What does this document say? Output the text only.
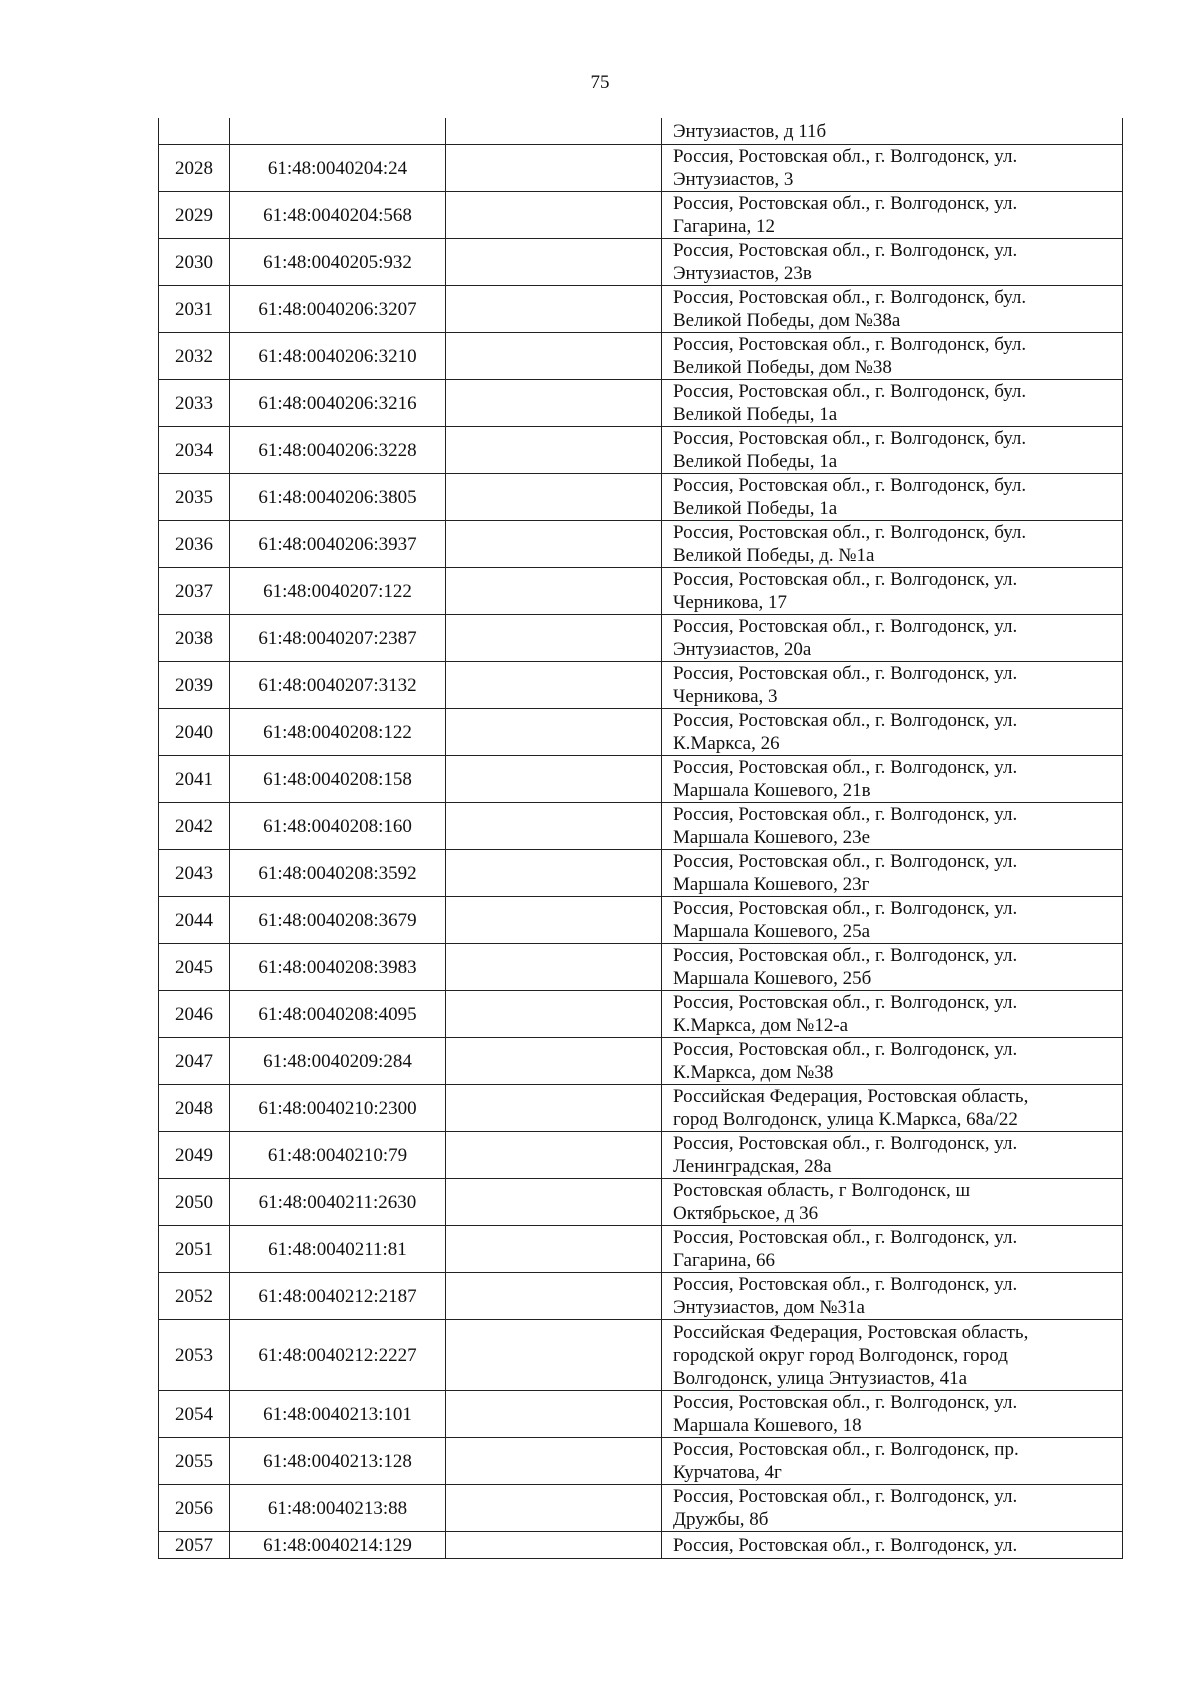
75

			Энтузиастов, д 11б

2028	61:48:0040204:24		Россия, Ростовская обл., г. Волгодонск, ул.
Энтузиастов, 3

2029	61:48:0040204:568		Россия, Ростовская обл., г. Волгодонск, ул.
Гагарина, 12

2030	61:48:0040205:932		Россия, Ростовская обл., г. Волгодонск, ул.
Энтузиастов, 23в

2031	61:48:0040206:3207		Россия, Ростовская обл., г. Волгодонск, бул.
Великой Победы, дом №38а

2032	61:48:0040206:3210		Россия, Ростовская обл., г. Волгодонск, бул.
Великой Победы, дом №38

2033	61:48:0040206:3216		Россия, Ростовская обл., г. Волгодонск, бул.
Великой Победы, 1а

2034	61:48:0040206:3228		Россия, Ростовская обл., г. Волгодонск, бул.
Великой Победы, 1а

2035	61:48:0040206:3805		Россия, Ростовская обл., г. Волгодонск, бул.
Великой Победы, 1а

2036	61:48:0040206:3937		Россия, Ростовская обл., г. Волгодонск, бул.
Великой Победы, д. №1а

2037	61:48:0040207:122		Россия, Ростовская обл., г. Волгодонск, ул.
Черникова, 17

2038	61:48:0040207:2387		Россия, Ростовская обл., г. Волгодонск, ул.
Энтузиастов, 20а

2039	61:48:0040207:3132		Россия, Ростовская обл., г. Волгодонск, ул.
Черникова, 3

2040	61:48:0040208:122		Россия, Ростовская обл., г. Волгодонск, ул.
К.Маркса, 26

2041	61:48:0040208:158		Россия, Ростовская обл., г. Волгодонск, ул.
Маршала Кошевого, 21в

2042	61:48:0040208:160		Россия, Ростовская обл., г. Волгодонск, ул.
Маршала Кошевого, 23е

2043	61:48:0040208:3592		Россия, Ростовская обл., г. Волгодонск, ул.
Маршала Кошевого, 23г

2044	61:48:0040208:3679		Россия, Ростовская обл., г. Волгодонск, ул.
Маршала Кошевого, 25а

2045	61:48:0040208:3983		Россия, Ростовская обл., г. Волгодонск, ул.
Маршала Кошевого, 25б

2046	61:48:0040208:4095		Россия, Ростовская обл., г. Волгодонск, ул.
К.Маркса, дом №12-а

2047	61:48:0040209:284		Россия, Ростовская обл., г. Волгодонск, ул.
К.Маркса, дом №38

2048	61:48:0040210:2300		Российская Федерация, Ростовская область,
город Волгодонск, улица К.Маркса, 68а/22

2049	61:48:0040210:79		Россия, Ростовская обл., г. Волгодонск, ул.
Ленинградская, 28а

2050	61:48:0040211:2630		Ростовская область, г Волгодонск, ш
Октябрьское, д 36

2051	61:48:0040211:81		Россия, Ростовская обл., г. Волгодонск, ул.
Гагарина, 66

2052	61:48:0040212:2187		Россия, Ростовская обл., г. Волгодонск, ул.
Энтузиастов, дом №31а

2053	61:48:0040212:2227		Российская Федерация, Ростовская область,
городской округ город Волгодонск, город
Волгодонск, улица Энтузиастов, 41а

2054	61:48:0040213:101		Россия, Ростовская обл., г. Волгодонск, ул.
Маршала Кошевого, 18

2055	61:48:0040213:128		Россия, Ростовская обл., г. Волгодонск, пр.
Курчатова, 4г

2056	61:48:0040213:88		Россия, Ростовская обл., г. Волгодонск, ул.
Дружбы, 8б

2057	61:48:0040214:129		Россия, Ростовская обл., г. Волгодонск, ул.
